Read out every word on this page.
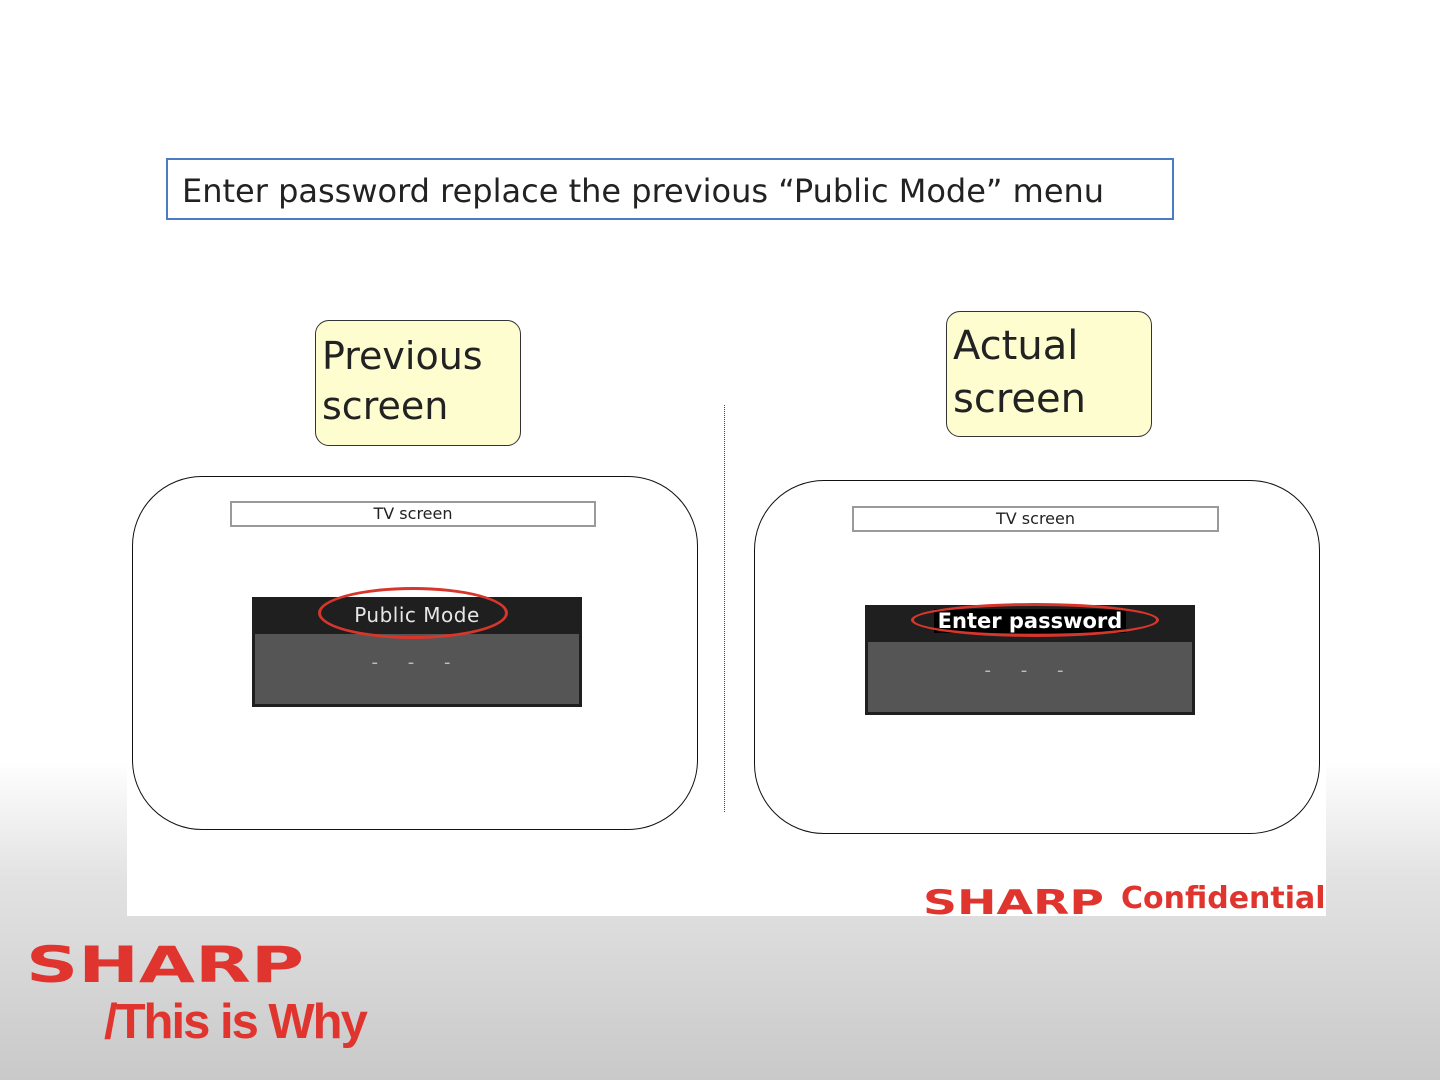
Enter password replace the previous “Public Mode” menu
Previous
screen
Actual
screen
TV screen
Public Mode
- - -
TV screen
Enter password
- - -
SHARP Confidential
SHARP
/This is Why
